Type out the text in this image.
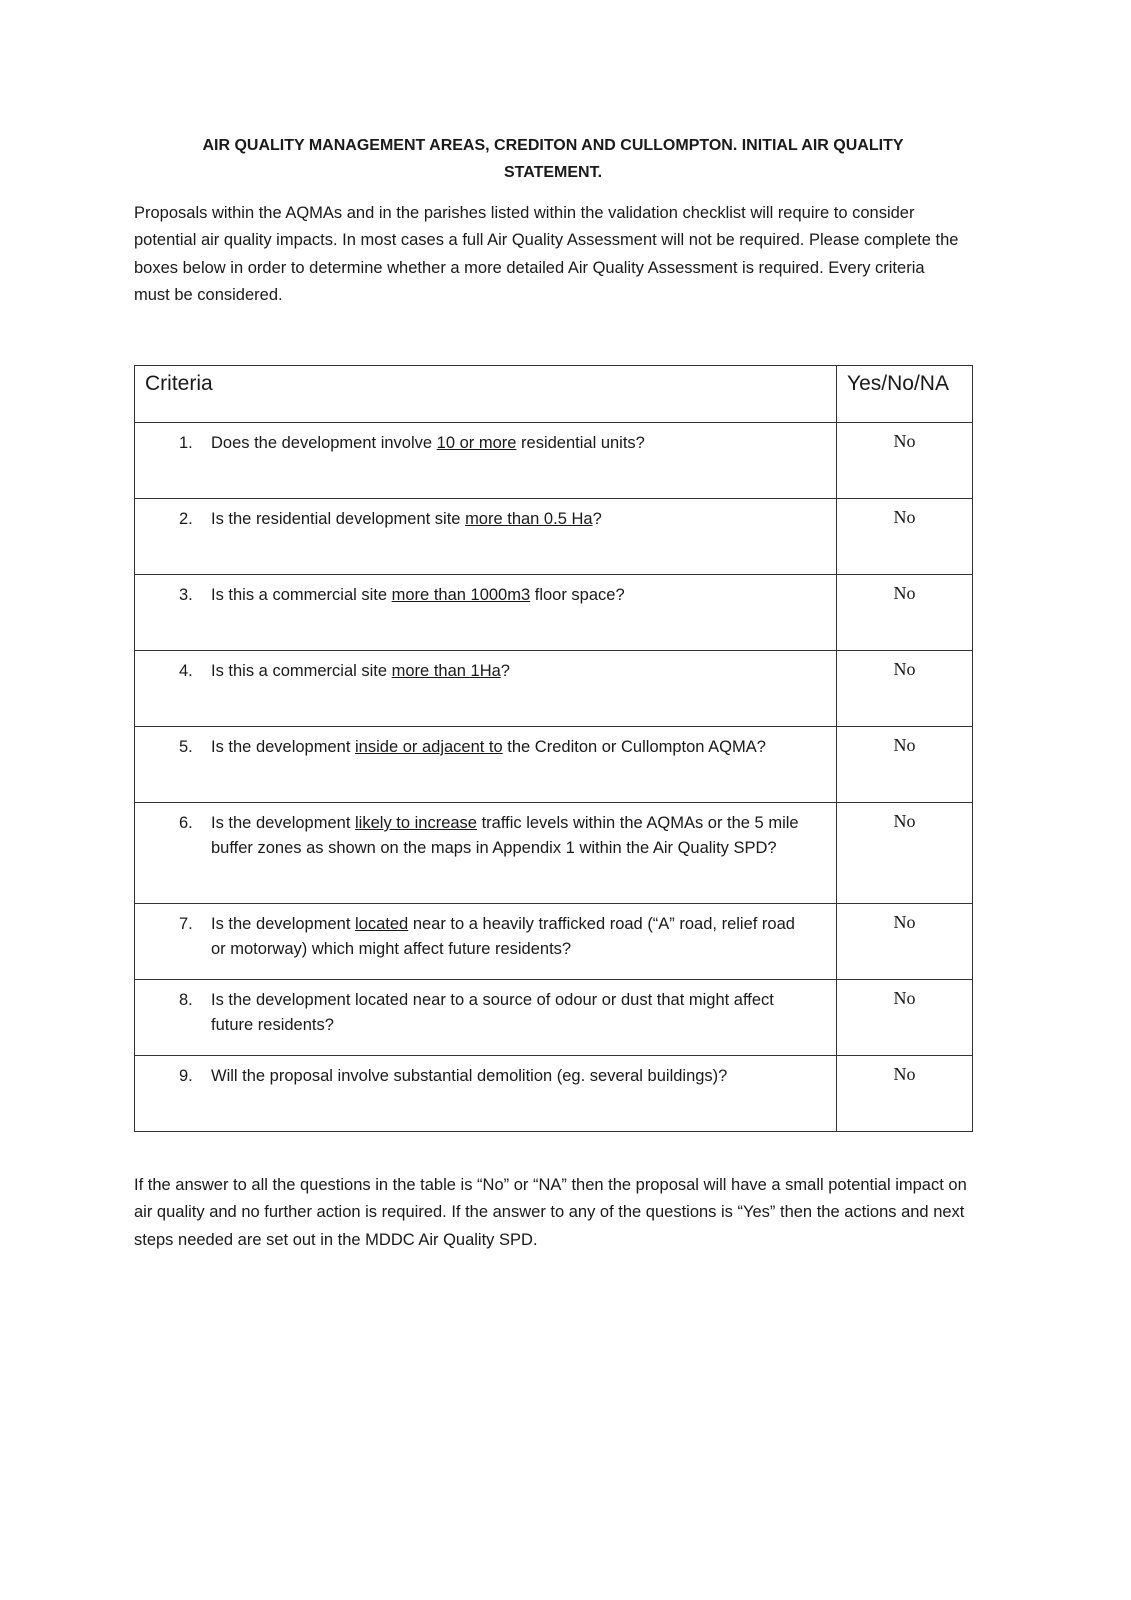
AIR QUALITY MANAGEMENT AREAS, CREDITON AND CULLOMPTON. INITIAL AIR QUALITY
STATEMENT.
Proposals within the AQMAs and in the parishes listed within the validation checklist will require to consider potential air quality impacts. In most cases a full Air Quality Assessment will not be required. Please complete the boxes below in order to determine whether a more detailed Air Quality Assessment is required. Every criteria must be considered.
Criteria	Yes/No/NA

1. Does the development involve 10 or more residential units?	No

2. Is the residential development site more than 0.5 Ha?	No

3. Is this a commercial site more than 1000m3 floor space?	No

4. Is this a commercial site more than 1Ha?	No

5. Is the development inside or adjacent to the Crediton or Cullompton AQMA?	No

6. Is the development likely to increase traffic levels within the AQMAs or the 5 mile buffer zones as shown on the maps in Appendix 1 within the Air Quality SPD?	No

7. Is the development located near to a heavily trafficked road (“A” road, relief road or motorway) which might affect future residents?	No

8. Is the development located near to a source of odour or dust that might affect future residents?	No

9. Will the proposal involve substantial demolition (eg. several buildings)?	No
If the answer to all the questions in the table is “No” or “NA” then the proposal will have a small potential impact on air quality and no further action is required. If the answer to any of the questions is “Yes” then the actions and next steps needed are set out in the MDDC Air Quality SPD.
